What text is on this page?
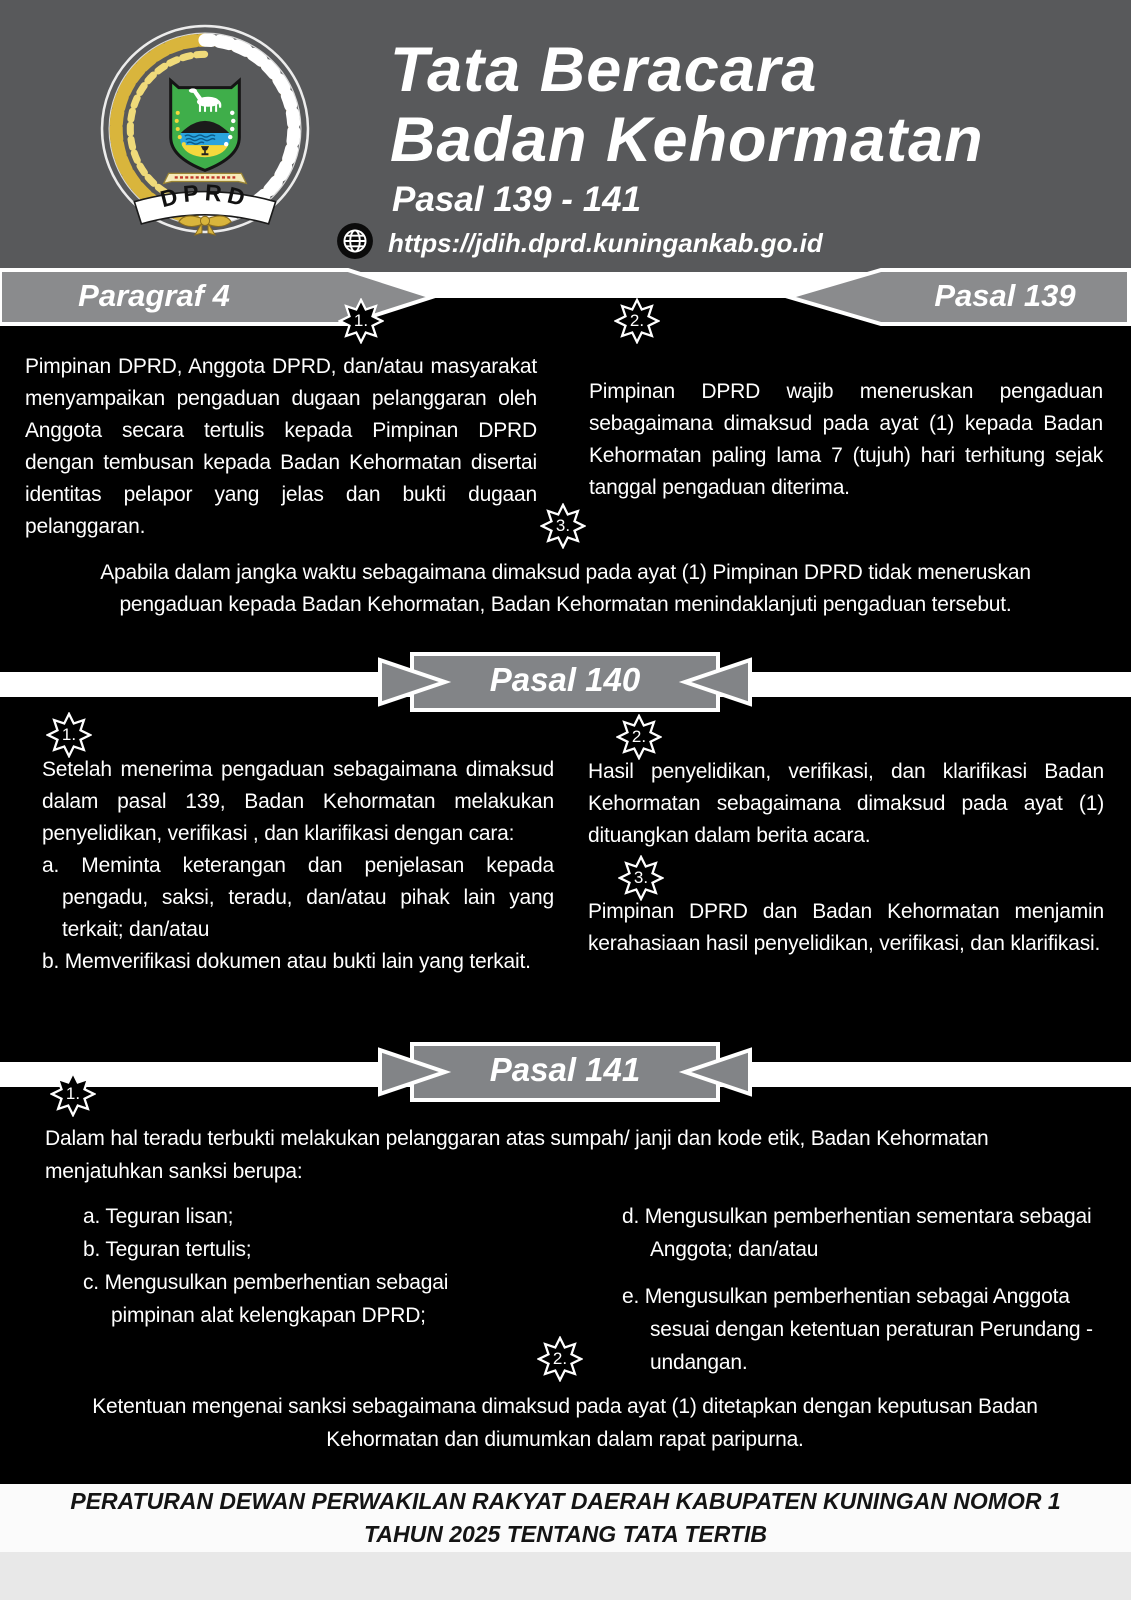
DPRD
Tata Beracara
Badan Kehormatan
Pasal 139 - 141
https://jdih.dprd.kuningankab.go.id
Paragraf 4	Pasal 139
1.	2.
Pimpinan DPRD, Anggota DPRD, dan/atau masyarakat menyampaikan pengaduan dugaan pelanggaran oleh Anggota secara tertulis kepada Pimpinan DPRD dengan tembusan kepada Badan Kehormatan disertai identitas pelapor yang jelas dan bukti dugaan pelanggaran.
Pimpinan DPRD wajib meneruskan pengaduan sebagaimana dimaksud pada ayat (1) kepada Badan Kehormatan paling lama 7 (tujuh) hari terhitung sejak tanggal pengaduan diterima.
3.
Apabila dalam jangka waktu sebagaimana dimaksud pada ayat (1) Pimpinan DPRD tidak meneruskan pengaduan kepada Badan Kehormatan, Badan Kehormatan menindaklanjuti pengaduan tersebut.
Pasal 140
1.	2.

Setelah menerima pengaduan sebagaimana dimaksud dalam pasal 139, Badan Kehormatan melakukan penyelidikan, verifikasi , dan klarifikasi dengan cara:

a. Meminta keterangan dan penjelasan kepada pengadu, saksi, teradu, dan/atau pihak lain yang terkait; dan/atau

b. Memverifikasi dokumen atau bukti lain yang terkait.

Hasil penyelidikan, verifikasi, dan klarifikasi Badan Kehormatan sebagaimana dimaksud pada ayat (1) dituangkan dalam berita acara.
3.
Pimpinan DPRD dan Badan Kehormatan menjamin kerahasiaan hasil penyelidikan, verifikasi, dan klarifikasi.
Pasal 141
1.
Dalam hal teradu terbukti melakukan pelanggaran atas sumpah/ janji dan kode etik, Badan Kehormatan menjatuhkan sanksi berupa:

a. Teguran lisan;

b. Teguran tertulis;

c. Mengusulkan pemberhentian sebagai pimpinan alat kelengkapan DPRD;

d. Mengusulkan pemberhentian sementara sebagai Anggota; dan/atau

e. Mengusulkan pemberhentian sebagai Anggota sesuai dengan ketentuan peraturan Perundang - undangan.

2.
Ketentuan mengenai sanksi sebagaimana dimaksud pada ayat (1) ditetapkan dengan keputusan Badan Kehormatan dan diumumkan dalam rapat paripurna.
PERATURAN DEWAN PERWAKILAN RAKYAT DAERAH KABUPATEN KUNINGAN NOMOR 1 TAHUN 2025 TENTANG TATA TERTIB
